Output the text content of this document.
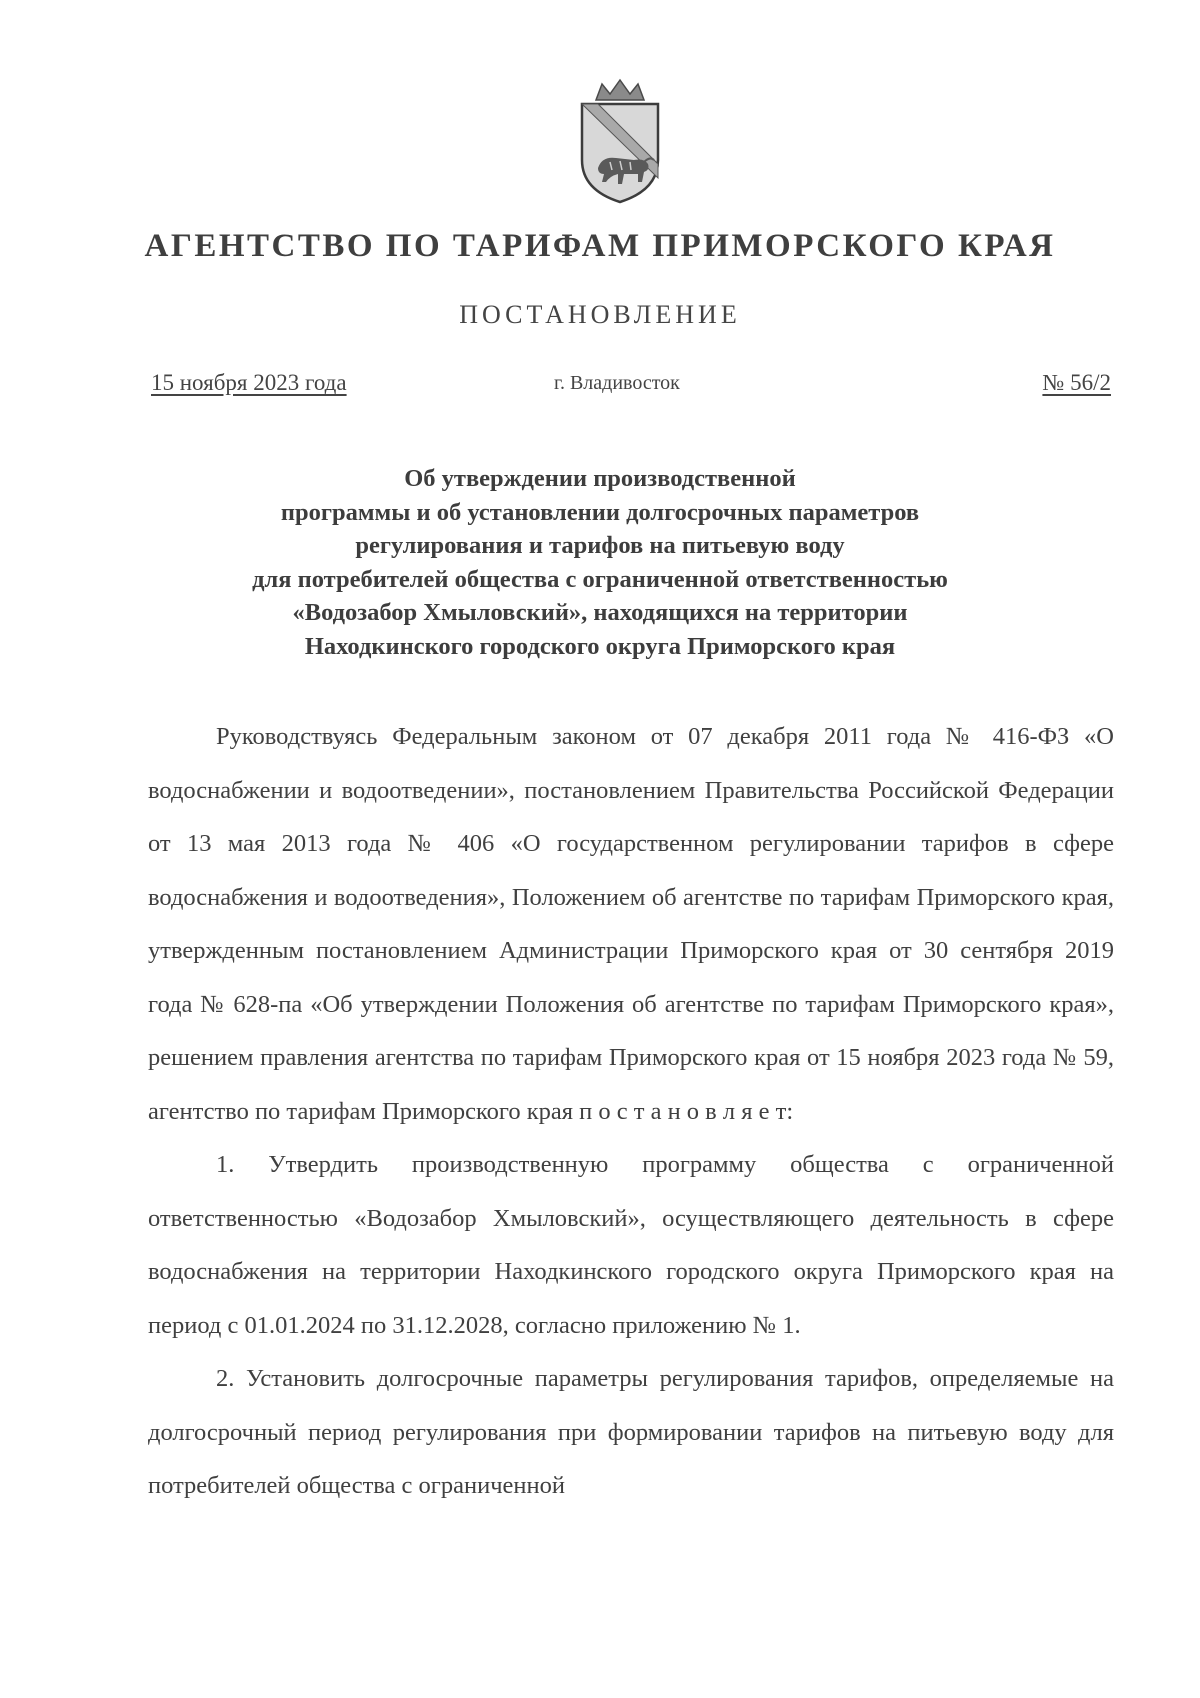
АГЕНТСТВО ПО ТАРИФАМ ПРИМОРСКОГО КРАЯ
ПОСТАНОВЛЕНИЕ
15 ноября 2023 года	г. Владивосток	№ 56/2
Об утверждении производственной
программы и об установлении долгосрочных параметров
регулирования и тарифов на питьевую воду
для потребителей общества с ограниченной ответственностью
«Водозабор Хмыловский», находящихся на территории
Находкинского городского округа Приморского края

Руководствуясь Федеральным законом от 07 декабря 2011 года № 416-ФЗ «О водоснабжении и водоотведении», постановлением Правительства Российской Федерации от 13 мая 2013 года № 406 «О государственном регулировании тарифов в сфере водоснабжения и водоотведения», Положением об агентстве по тарифам Приморского края, утвержденным постановлением Администрации Приморского края от 30 сентября 2019 года № 628-па «Об утверждении Положения об агентстве по тарифам Приморского края», решением правления агентства по тарифам Приморского края от 15 ноября 2023 года № 59, агентство по тарифам Приморского края п о с т а н о в л я е т:

1. Утвердить производственную программу общества с ограниченной ответственностью «Водозабор Хмыловский», осуществляющего деятельность в сфере водоснабжения на территории Находкинского городского округа Приморского края на период с 01.01.2024 по 31.12.2028, согласно приложению № 1.

2. Установить долгосрочные параметры регулирования тарифов, определяемые на долгосрочный период регулирования при формировании тарифов на питьевую воду для потребителей общества с ограниченной
